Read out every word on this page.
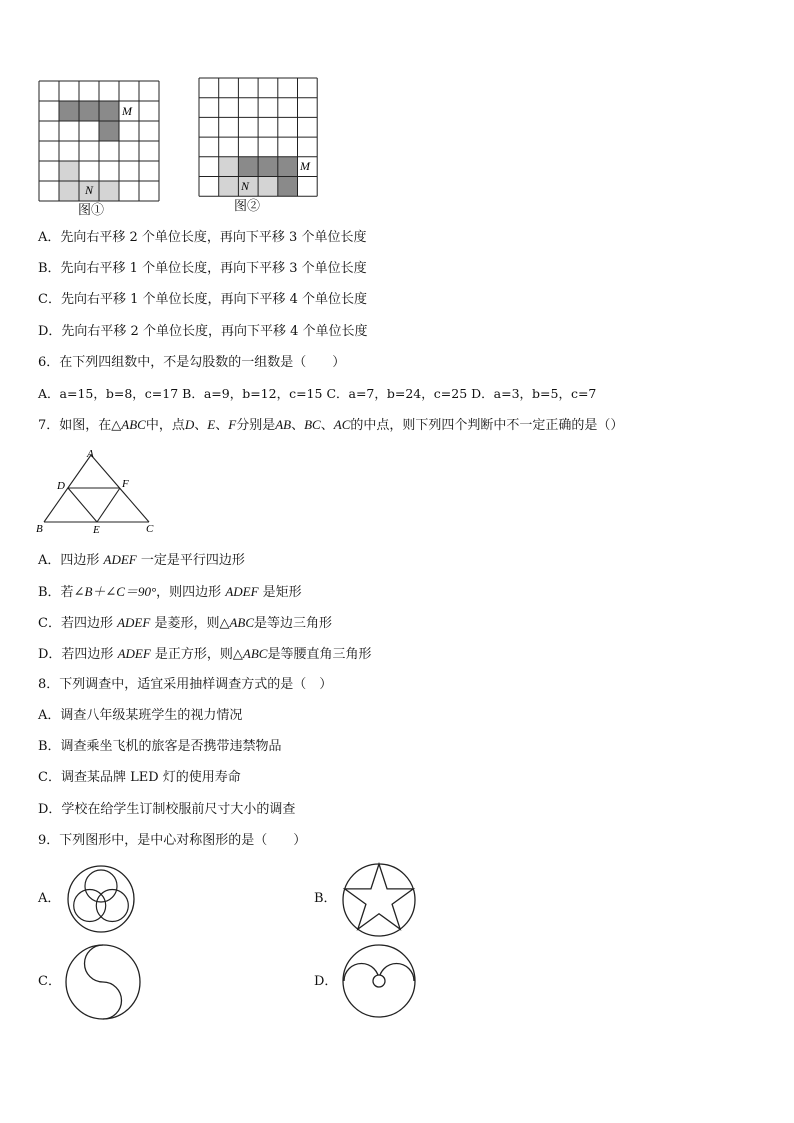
M
N
图①
M
N
图②
A．先向右平移 2 个单位长度，再向下平移 3 个单位长度
B．先向右平移 1 个单位长度，再向下平移 3 个单位长度
C．先向右平移 1 个单位长度，再向下平移 4 个单位长度
D．先向右平移 2 个单位长度，再向下平移 4 个单位长度
6．在下列四组数中，不是勾股数的一组数是（　　）
A．a=15，b=8，c=17 B．a=9，b=12，c=15 C．a=7，b=24，c=25 D．a=3，b=5，c=7
7．如图，在△ABC中，点D、E、F分别是AB、BC、AC的中点，则下列四个判断中不一定正确的是（）
A
D	F
B	E	C
A．四边形 ADEF 一定是平行四边形
B．若∠B＋∠C＝90°，则四边形 ADEF 是矩形
C．若四边形 ADEF 是菱形，则△ABC是等边三角形
D．若四边形 ADEF 是正方形，则△ABC是等腰直角三角形
8．下列调查中，适宜采用抽样调查方式的是（　）
A．调查八年级某班学生的视力情况
B．调查乘坐飞机的旅客是否携带违禁物品
C．调查某品牌 LED 灯的使用寿命
D．学校在给学生订制校服前尺寸大小的调查
9．下列图形中，是中心对称图形的是（　　）
A．	B．
C．	D．
